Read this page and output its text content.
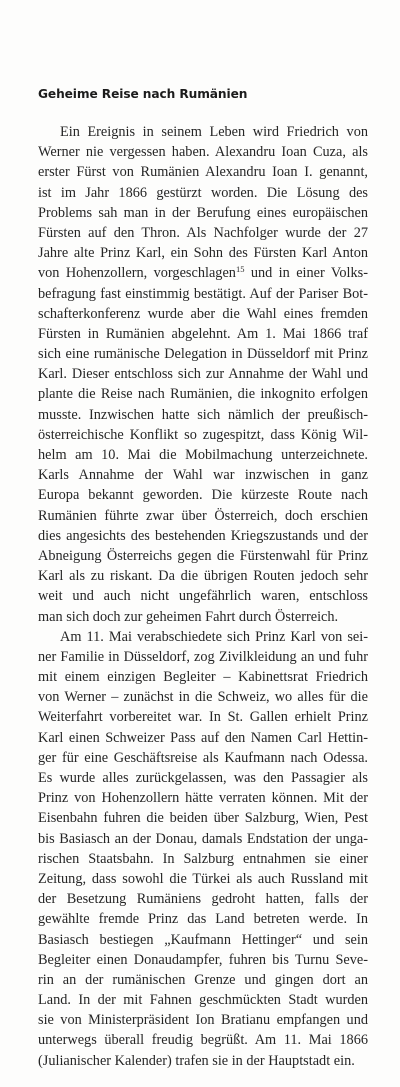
Geheime Reise nach Rumänien
Ein Ereignis in seinem Leben wird Friedrich von
Werner nie vergessen haben. Alexandru Ioan Cuza, als
erster Fürst von Rumänien Alexandru Ioan I. genannt,
ist im Jahr 1866 gestürzt worden. Die Lösung des
Problems sah man in der Berufung eines europäischen
Fürsten auf den Thron. Als Nachfolger wurde der 27
Jahre alte Prinz Karl, ein Sohn des Fürsten Karl Anton
von Hohenzollern, vorgeschlagen$^{15}$ und in einer Volks-
befragung fast einstimmig bestätigt. Auf der Pariser Bot-
schafterkonferenz wurde aber die Wahl eines fremden
Fürsten in Rumänien abgelehnt. Am 1. Mai 1866 traf
sich eine rumänische Delegation in Düsseldorf mit Prinz
Karl. Dieser entschloss sich zur Annahme der Wahl und
plante die Reise nach Rumänien, die inkognito erfolgen
musste. Inzwischen hatte sich nämlich der preußisch-
österreichische Konflikt so zugespitzt, dass König Wil-
helm am 10. Mai die Mobilmachung unterzeichnete.
Karls Annahme der Wahl war inzwischen in ganz
Europa bekannt geworden. Die kürzeste Route nach
Rumänien führte zwar über Österreich, doch erschien
dies angesichts des bestehenden Kriegszustands und der
Abneigung Österreichs gegen die Fürstenwahl für Prinz
Karl als zu riskant. Da die übrigen Routen jedoch sehr
weit und auch nicht ungefährlich waren, entschloss
man sich doch zur geheimen Fahrt durch Österreich.
Am 11. Mai verabschiedete sich Prinz Karl von sei-
ner Familie in Düsseldorf, zog Zivilkleidung an und fuhr
mit einem einzigen Begleiter – Kabinettsrat Friedrich
von Werner – zunächst in die Schweiz, wo alles für die
Weiterfahrt vorbereitet war. In St. Gallen erhielt Prinz
Karl einen Schweizer Pass auf den Namen Carl Hettin-
ger für eine Geschäftsreise als Kaufmann nach Odessa.
Es wurde alles zurückgelassen, was den Passagier als
Prinz von Hohenzollern hätte verraten können. Mit der
Eisenbahn fuhren die beiden über Salzburg, Wien, Pest
bis Basiasch an der Donau, damals Endstation der unga-
rischen Staatsbahn. In Salzburg entnahmen sie einer
Zeitung, dass sowohl die Türkei als auch Russland mit
der Besetzung Rumäniens gedroht hatten, falls der
gewählte fremde Prinz das Land betreten werde. In
Basiasch bestiegen „Kaufmann Hettinger“ und sein
Begleiter einen Donaudampfer, fuhren bis Turnu Seve-
rin an der rumänischen Grenze und gingen dort an
Land. In der mit Fahnen geschmückten Stadt wurden
sie von Ministerpräsident Ion Bratianu empfangen und
unterwegs überall freudig begrüßt. Am 11. Mai 1866
(Julianischer Kalender) trafen sie in der Hauptstadt ein.
